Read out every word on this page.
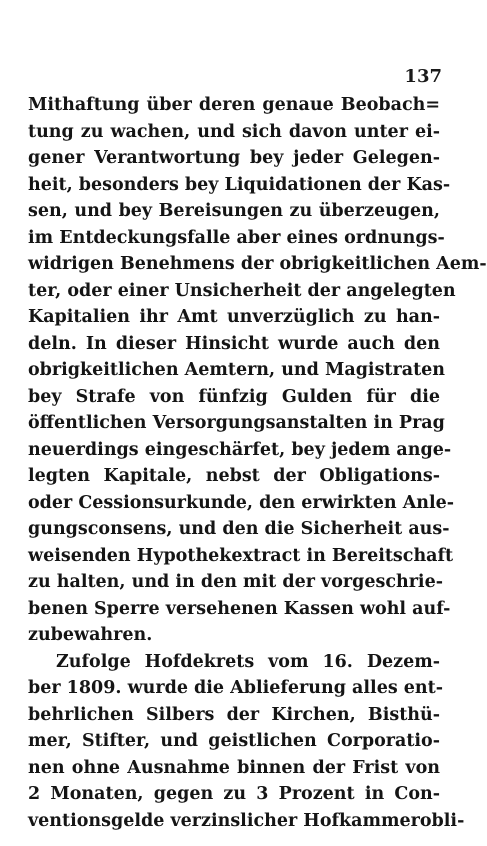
137
Mithaftung über deren genaue Beobach=
tung zu wachen, und sich davon unter ei-
gener Verantwortung bey jeder Gelegen-
heit, besonders bey Liquidationen der Kas-
sen, und bey Bereisungen zu überzeugen,
im Entdeckungsfalle aber eines ordnungs-
widrigen Benehmens der obrigkeitlichen Aem-
ter, oder einer Unsicherheit der angelegten
Kapitalien ihr Amt unverzüglich zu han-
deln. In dieser Hinsicht wurde auch den
obrigkeitlichen Aemtern, und Magistraten
bey Strafe von fünfzig Gulden für die
öffentlichen Versorgungsanstalten in Prag
neuerdings eingeschärfet, bey jedem ange-
legten Kapitale, nebst der Obligations-
oder Cessionsurkunde, den erwirkten Anle-
gungsconsens, und den die Sicherheit aus-
weisenden Hypothekextract in Bereitschaft
zu halten, und in den mit der vorgeschrie-
benen Sperre versehenen Kassen wohl auf-
zubewahren.
Zufolge Hofdekrets vom 16. Dezem-
ber 1809. wurde die Ablieferung alles ent-
behrlichen Silbers der Kirchen, Bisthü-
mer, Stifter, und geistlichen Corporatio-
nen ohne Ausnahme binnen der Frist von
2 Monaten, gegen zu 3 Prozent in Con-
ventionsgelde verzinslicher Hofkammerobli-
